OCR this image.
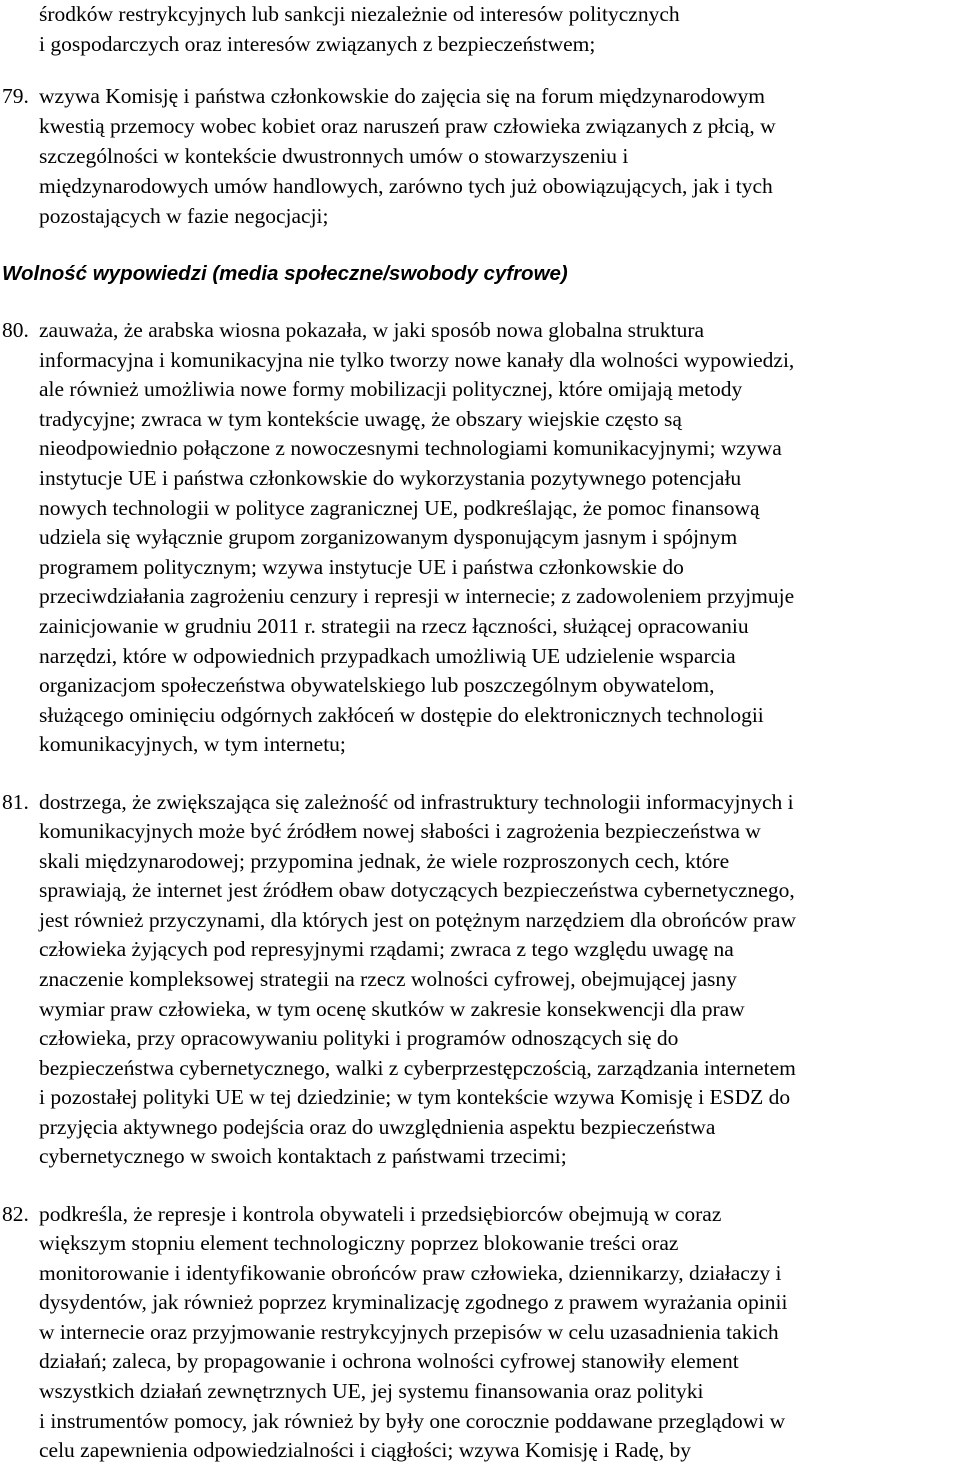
środków restrykcyjnych lub sankcji niezależnie od interesów politycznych
i gospodarczych oraz interesów związanych z bezpieczeństwem;
79. wzywa Komisję i państwa członkowskie do zajęcia się na forum międzynarodowym
kwestią przemocy wobec kobiet oraz naruszeń praw człowieka związanych z płcią, w
szczególności w kontekście dwustronnych umów o stowarzyszeniu i
międzynarodowych umów handlowych, zarówno tych już obowiązujących, jak i tych
pozostających w fazie negocjacji;
Wolność wypowiedzi (media społeczne/swobody cyfrowe)
80. zauważa, że arabska wiosna pokazała, w jaki sposób nowa globalna struktura
informacyjna i komunikacyjna nie tylko tworzy nowe kanały dla wolności wypowiedzi,
ale również umożliwia nowe formy mobilizacji politycznej, które omijają metody
tradycyjne; zwraca w tym kontekście uwagę, że obszary wiejskie często są
nieodpowiednio połączone z nowoczesnymi technologiami komunikacyjnymi; wzywa
instytucje UE i państwa członkowskie do wykorzystania pozytywnego potencjału
nowych technologii w polityce zagranicznej UE, podkreślając, że pomoc finansową
udziela się wyłącznie grupom zorganizowanym dysponującym jasnym i spójnym
programem politycznym; wzywa instytucje UE i państwa członkowskie do
przeciwdziałania zagrożeniu cenzury i represji w internecie; z zadowoleniem przyjmuje
zainicjowanie w grudniu 2011 r. strategii na rzecz łączności, służącej opracowaniu
narzędzi, które w odpowiednich przypadkach umożliwią UE udzielenie wsparcia
organizacjom społeczeństwa obywatelskiego lub poszczególnym obywatelom,
służącego ominięciu odgórnych zakłóceń w dostępie do elektronicznych technologii
komunikacyjnych, w tym internetu;
81. dostrzega, że zwiększająca się zależność od infrastruktury technologii informacyjnych i
komunikacyjnych może być źródłem nowej słabości i zagrożenia bezpieczeństwa w
skali międzynarodowej; przypomina jednak, że wiele rozproszonych cech, które
sprawiają, że internet jest źródłem obaw dotyczących bezpieczeństwa cybernetycznego,
jest również przyczynami, dla których jest on potężnym narzędziem dla obrońców praw
człowieka żyjących pod represyjnymi rządami; zwraca z tego względu uwagę na
znaczenie kompleksowej strategii na rzecz wolności cyfrowej, obejmującej jasny
wymiar praw człowieka, w tym ocenę skutków w zakresie konsekwencji dla praw
człowieka, przy opracowywaniu polityki i programów odnoszących się do
bezpieczeństwa cybernetycznego, walki z cyberprzestępczością, zarządzania internetem
i pozostałej polityki UE w tej dziedzinie; w tym kontekście wzywa Komisję i ESDZ do
przyjęcia aktywnego podejścia oraz do uwzględnienia aspektu bezpieczeństwa
cybernetycznego w swoich kontaktach z państwami trzecimi;
82. podkreśla, że represje i kontrola obywateli i przedsiębiorców obejmują w coraz
większym stopniu element technologiczny poprzez blokowanie treści oraz
monitorowanie i identyfikowanie obrońców praw człowieka, dziennikarzy, działaczy i
dysydentów, jak również poprzez kryminalizację zgodnego z prawem wyrażania opinii
w internecie oraz przyjmowanie restrykcyjnych przepisów w celu uzasadnienia takich
działań; zaleca, by propagowanie i ochrona wolności cyfrowej stanowiły element
wszystkich działań zewnętrznych UE, jej systemu finansowania oraz polityki
i instrumentów pomocy, jak również by były one corocznie poddawane przeglądowi w
celu zapewnienia odpowiedzialności i ciągłości; wzywa Komisję i Radę, by
